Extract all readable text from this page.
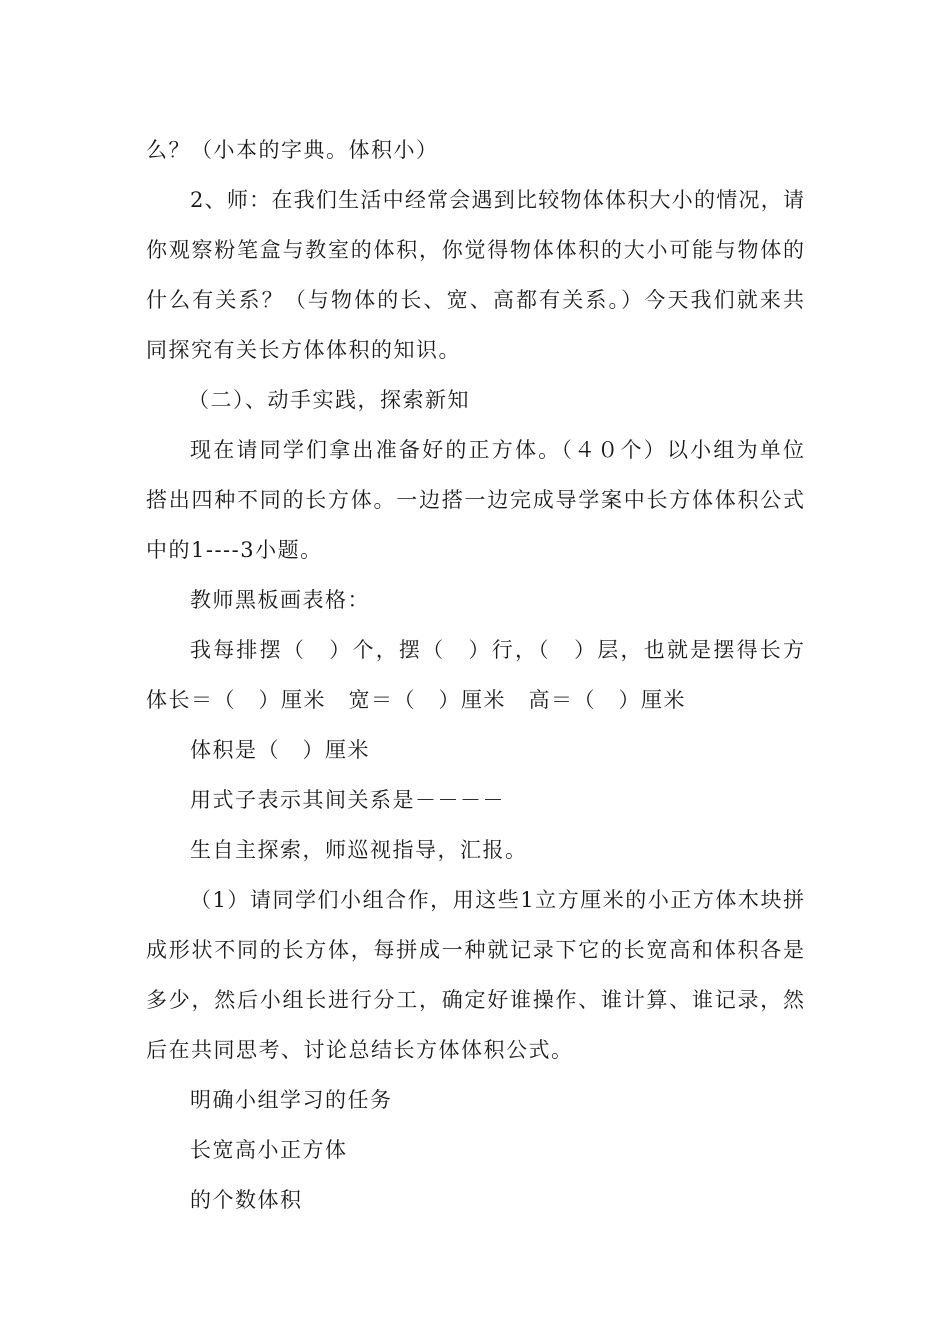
么？（小本的字典。体积小）
2、师：在我们生活中经常会遇到比较物体体积大小的情况，请
你观察粉笔盒与教室的体积，你觉得物体体积的大小可能与物体的
什么有关系？（与物体的长、宽、高都有关系。）今天我们就来共
同探究有关长方体体积的知识。
（二）、动手实践，探索新知
现在请同学们拿出准备好的正方体。（４０个）以小组为单位
搭出四种不同的长方体。一边搭一边完成导学案中长方体体积公式
中的1----3小题。
教师黑板画表格：
我每排摆（　）个，摆（　）行，（　）层，也就是摆得长方
体长＝（　）厘米　宽＝（　）厘米　高＝（　）厘米
体积是（　）厘米
用式子表示其间关系是－－－－
生自主探索，师巡视指导，汇报。
（1）请同学们小组合作，用这些1立方厘米的小正方体木块拼
成形状不同的长方体，每拼成一种就记录下它的长宽高和体积各是
多少，然后小组长进行分工，确定好谁操作、谁计算、谁记录，然
后在共同思考、讨论总结长方体体积公式。
明确小组学习的任务
长宽高小正方体
的个数体积
